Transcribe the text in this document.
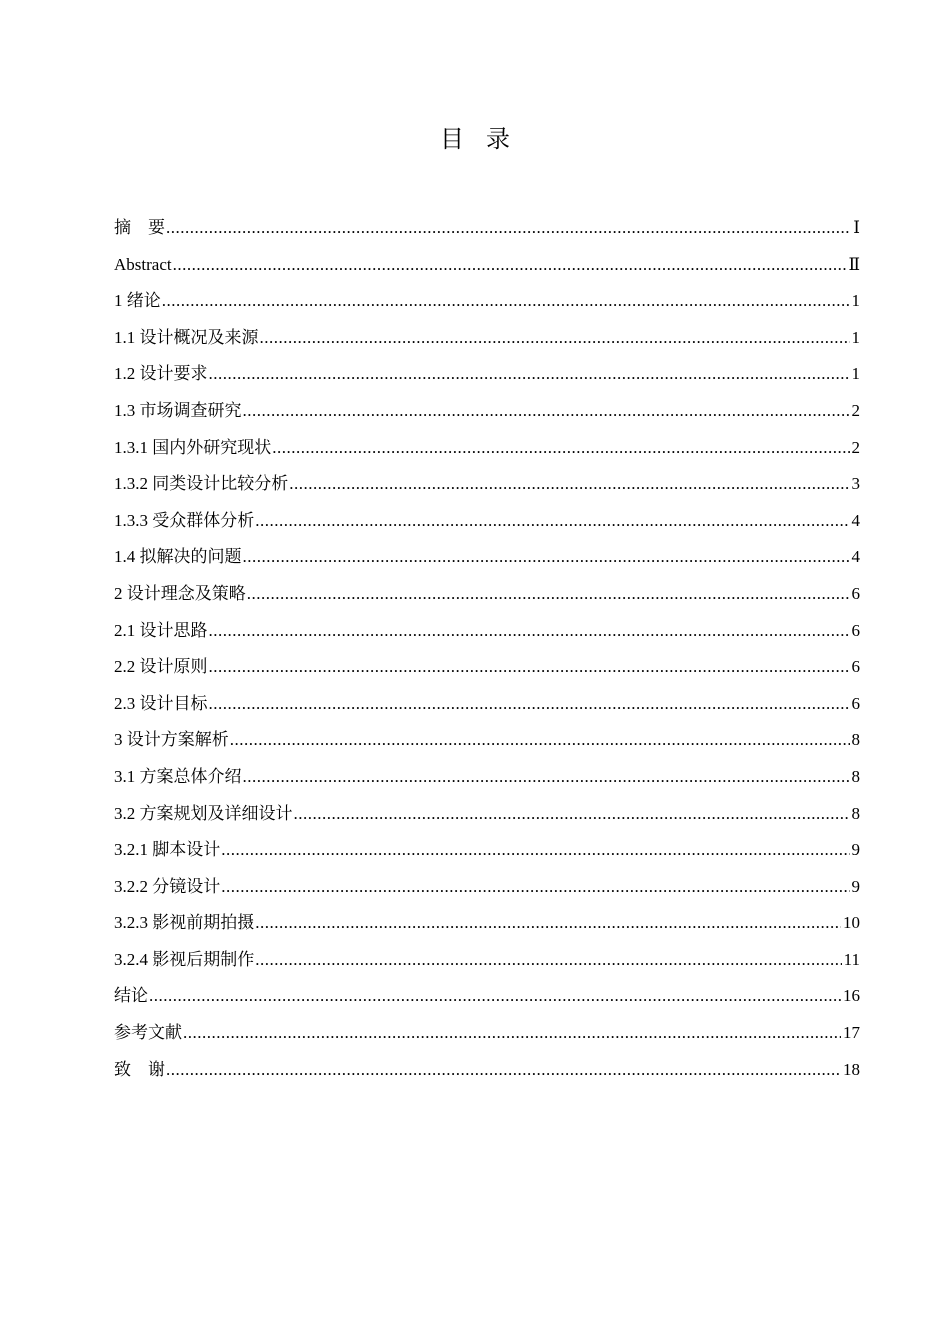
目录
摘　要 .....	Ⅰ
Abstract .....	Ⅱ
1 绪论 .....	1
1.1 设计概况及来源 .....	1
1.2 设计要求 .....	1
1.3 市场调查研究 .....	2
1.3.1 国内外研究现状 .....	2
1.3.2 同类设计比较分析 .....	3
1.3.3 受众群体分析 .....	4
1.4 拟解决的问题 .....	4
2 设计理念及策略 .....	6
2.1 设计思路 .....	6
2.2 设计原则 .....	6
2.3 设计目标 .....	6
3 设计方案解析 .....	8
3.1 方案总体介绍 .....	8
3.2 方案规划及详细设计 .....	8
3.2.1 脚本设计 .....	9
3.2.2 分镜设计 .....	9
3.2.3 影视前期拍摄 .....	10
3.2.4 影视后期制作 .....	11
结论 .....	16
参考文献 .....	17
致　谢 .....	18
